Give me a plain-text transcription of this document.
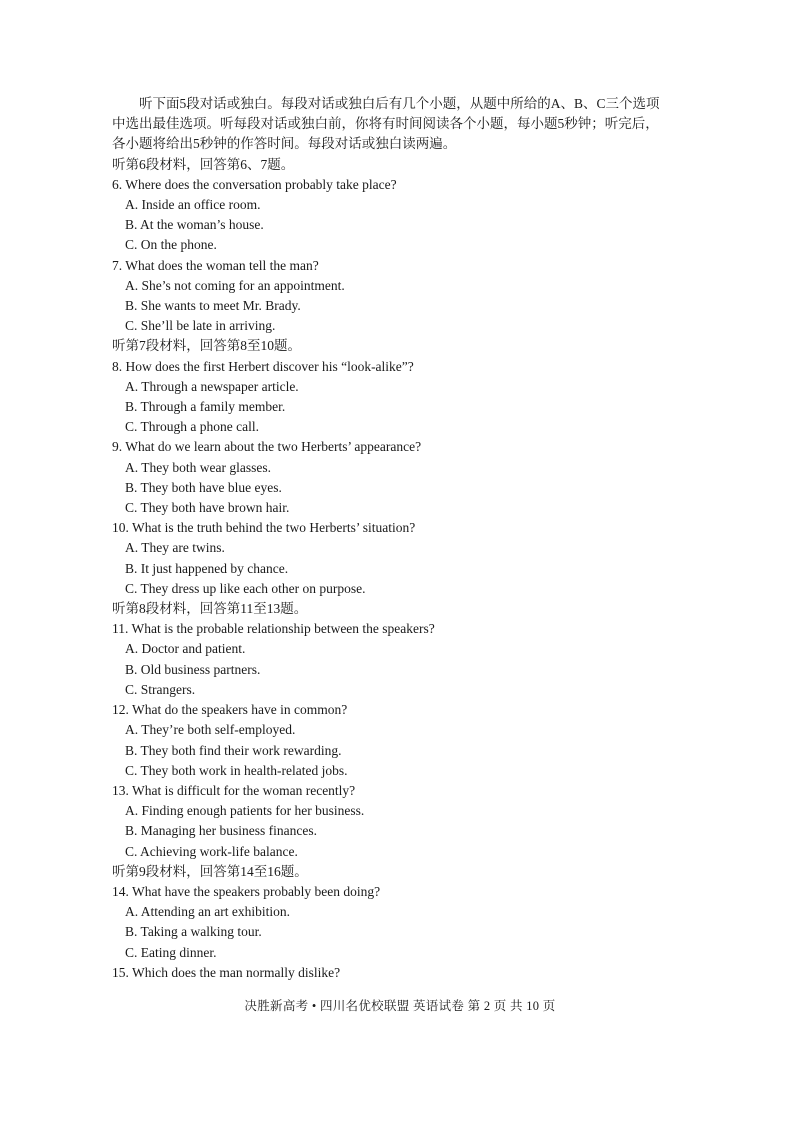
听下面5段对话或独白。每段对话或独白后有几个小题，从题中所给的A、B、C三个选项中选出最佳选项。听每段对话或独白前，你将有时间阅读各个小题，每小题5秒钟；听完后，各小题将给出5秒钟的作答时间。每段对话或独白读两遍。

听第6段材料，回答第6、7题。

6. Where does the conversation probably take place?

A. Inside an office room.

B. At the woman’s house.

C. On the phone.

7. What does the woman tell the man?

A. She’s not coming for an appointment.

B. She wants to meet Mr. Brady.

C. She’ll be late in arriving.

听第7段材料，回答第8至10题。

8. How does the first Herbert discover his “look-alike”?

A. Through a newspaper article.

B. Through a family member.

C. Through a phone call.

9. What do we learn about the two Herberts’ appearance?

A. They both wear glasses.

B. They both have blue eyes.

C. They both have brown hair.

10. What is the truth behind the two Herberts’ situation?

A. They are twins.

B. It just happened by chance.

C. They dress up like each other on purpose.

听第8段材料，回答第11至13题。

11. What is the probable relationship between the speakers?

A. Doctor and patient.

B. Old business partners.

C. Strangers.

12. What do the speakers have in common?

A. They’re both self-employed.

B. They both find their work rewarding.

C. They both work in health-related jobs.

13. What is difficult for the woman recently?

A. Finding enough patients for her business.

B. Managing her business finances.

C. Achieving work-life balance.

听第9段材料，回答第14至16题。

14. What have the speakers probably been doing?

A. Attending an art exhibition.

B. Taking a walking tour.

C. Eating dinner.

15. Which does the man normally dislike?

决胜新高考 • 四川名优校联盟 英语试卷 第 2 页 共 10 页
